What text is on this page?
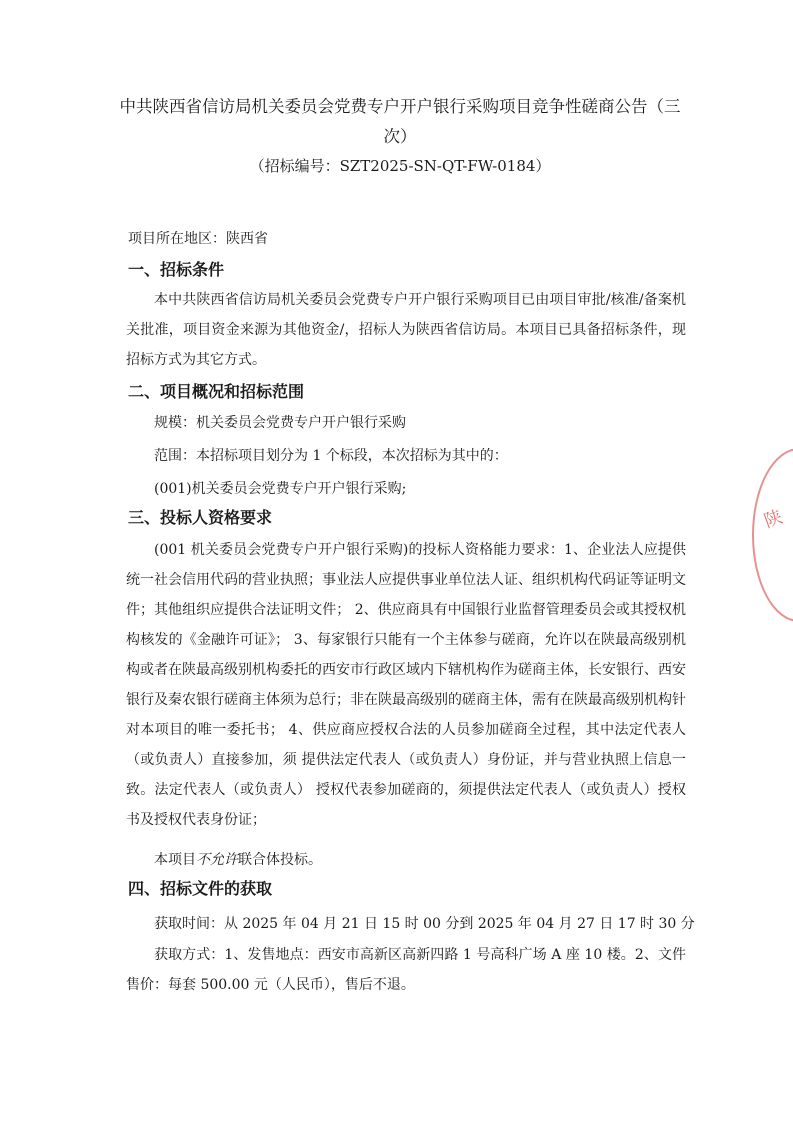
中共陕西省信访局机关委员会党费专户开户银行采购项目竞争性磋商公告（三次）
（招标编号：SZT2025-SN-QT-FW-0184）
项目所在地区：陕西省
一、招标条件
本中共陕西省信访局机关委员会党费专户开户银行采购项目已由项目审批/核准/备案机关批准，项目资金来源为其他资金/，招标人为陕西省信访局。本项目已具备招标条件，现招标方式为其它方式。
二、项目概况和招标范围
规模：机关委员会党费专户开户银行采购
范围：本招标项目划分为 1 个标段，本次招标为其中的：
(001)机关委员会党费专户开户银行采购;
三、投标人资格要求
(001 机关委员会党费专户开户银行采购)的投标人资格能力要求：1、企业法人应提供统一社会信用代码的营业执照；事业法人应提供事业单位法人证、组织机构代码证等证明文件；其他组织应提供合法证明文件； 2、供应商具有中国银行业监督管理委员会或其授权机构核发的《金融许可证》； 3、每家银行只能有一个主体参与磋商，允许以在陕最高级别机构或者在陕最高级别机构委托的西安市行政区域内下辖机构作为磋商主体，长安银行、西安银行及秦农银行磋商主体须为总行；非在陕最高级别的磋商主体，需有在陕最高级别机构针对本项目的唯一委托书； 4、供应商应授权合法的人员参加磋商全过程，其中法定代表人（或负责人）直接参加，须 提供法定代表人（或负责人）身份证，并与营业执照上信息一致。法定代表人（或负责人） 授权代表参加磋商的，须提供法定代表人（或负责人）授权书及授权代表身份证；
本项目不允许联合体投标。
四、招标文件的获取
获取时间：从 2025 年 04 月 21 日 15 时 00 分到 2025 年 04 月 27 日 17 时 30 分
获取方式：1、发售地点：西安市高新区高新四路 1 号高科广场 A 座 10 楼。2、文件售价：每套 500.00 元（人民币），售后不退。
陕
